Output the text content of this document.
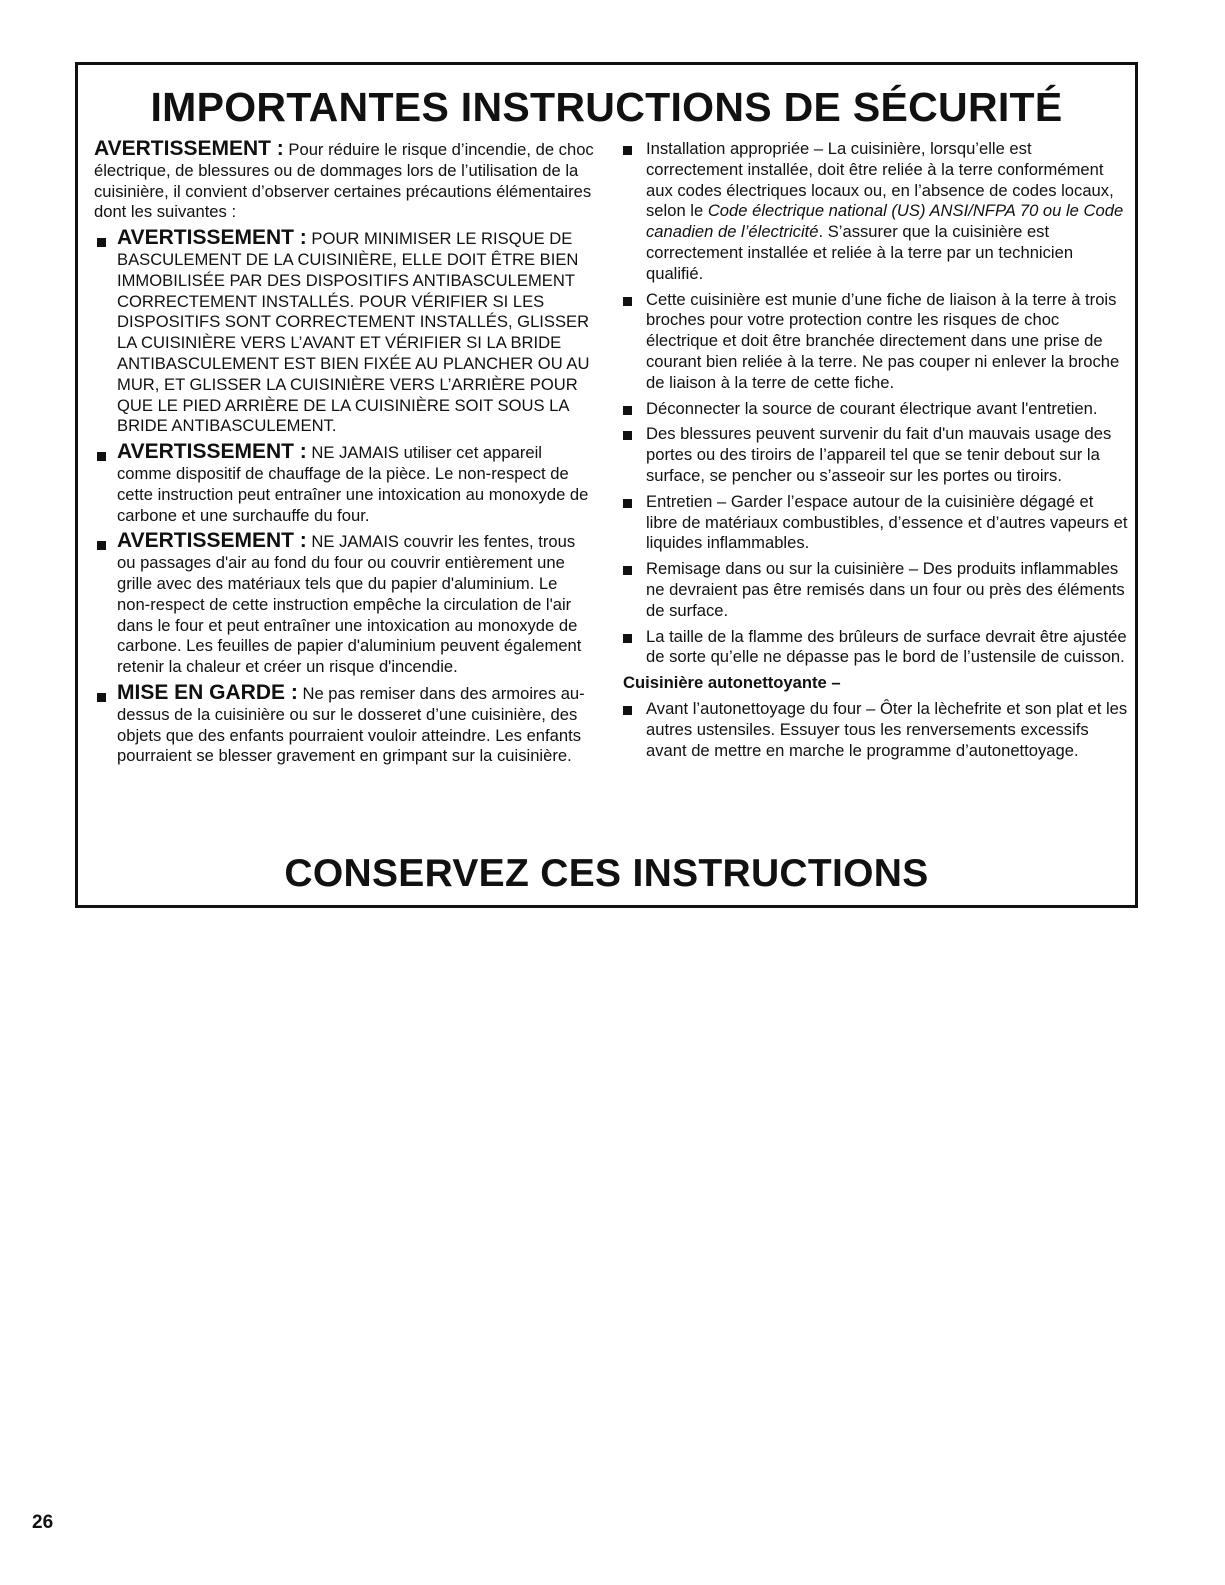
IMPORTANTES INSTRUCTIONS DE SÉCURITÉ

AVERTISSEMENT : Pour réduire le risque d’incendie, de choc électrique, de blessures ou de dommages lors de l’utilisation de la cuisinière, il convient d’observer certaines précautions élémentaires dont les suivantes :

AVERTISSEMENT : POUR MINIMISER LE RISQUE DE BASCULEMENT DE LA CUISINIÈRE, ELLE DOIT ÊTRE BIEN IMMOBILISÉE PAR DES DISPOSITIFS ANTIBASCULEMENT CORRECTEMENT INSTALLÉS. POUR VÉRIFIER SI LES DISPOSITIFS SONT CORRECTEMENT INSTALLÉS, GLISSER LA CUISINIÈRE VERS L’AVANT ET VÉRIFIER SI LA BRIDE ANTIBASCULEMENT EST BIEN FIXÉE AU PLANCHER OU AU MUR, ET GLISSER LA CUISINIÈRE VERS L’ARRIÈRE POUR QUE LE PIED ARRIÈRE DE LA CUISINIÈRE SOIT SOUS LA BRIDE ANTIBASCULEMENT.
AVERTISSEMENT : NE JAMAIS utiliser cet appareil comme dispositif de chauffage de la pièce. Le non-respect de cette instruction peut entraîner une intoxication au monoxyde de carbone et une surchauffe du four.
AVERTISSEMENT : NE JAMAIS couvrir les fentes, trous ou passages d'air au fond du four ou couvrir entièrement une grille avec des matériaux tels que du papier d'aluminium. Le non-respect de cette instruction empêche la circulation de l'air dans le four et peut entraîner une intoxication au monoxyde de carbone. Les feuilles de papier d'aluminium peuvent également retenir la chaleur et créer un risque d'incendie.
MISE EN GARDE : Ne pas remiser dans des armoires au-dessus de la cuisinière ou sur le dosseret d’une cuisinière, des objets que des enfants pourraient vouloir atteindre. Les enfants pourraient se blesser gravement en grimpant sur la cuisinière.
Installation appropriée – La cuisinière, lorsqu’elle est correctement installée, doit être reliée à la terre conformément aux codes électriques locaux ou, en l’absence de codes locaux, selon le Code électrique national (US) ANSI/NFPA 70 ou le Code canadien de l’électricité. S’assurer que la cuisinière est correctement installée et reliée à la terre par un technicien qualifié.
Cette cuisinière est munie d’une fiche de liaison à la terre à trois broches pour votre protection contre les risques de choc électrique et doit être branchée directement dans une prise de courant bien reliée à la terre. Ne pas couper ni enlever la broche de liaison à la terre de cette fiche.
Déconnecter la source de courant électrique avant l'entretien.
Des blessures peuvent survenir du fait d'un mauvais usage des portes ou des tiroirs de l’appareil tel que se tenir debout sur la surface, se pencher ou s’asseoir sur les portes ou tiroirs.
Entretien – Garder l’espace autour de la cuisinière dégagé et libre de matériaux combustibles, d’essence et d’autres vapeurs et liquides inflammables.
Remisage dans ou sur la cuisinière – Des produits inflammables ne devraient pas être remisés dans un four ou près des éléments de surface.
La taille de la flamme des brûleurs de surface devrait être ajustée de sorte qu’elle ne dépasse pas le bord de l’ustensile de cuisson.

Cuisinière autonettoyante –

Avant l’autonettoyage du four – Ôter la lèchefrite et son plat et les autres ustensiles. Essuyer tous les renversements excessifs avant de mettre en marche le programme d’autonettoyage.
CONSERVEZ CES INSTRUCTIONS
26
